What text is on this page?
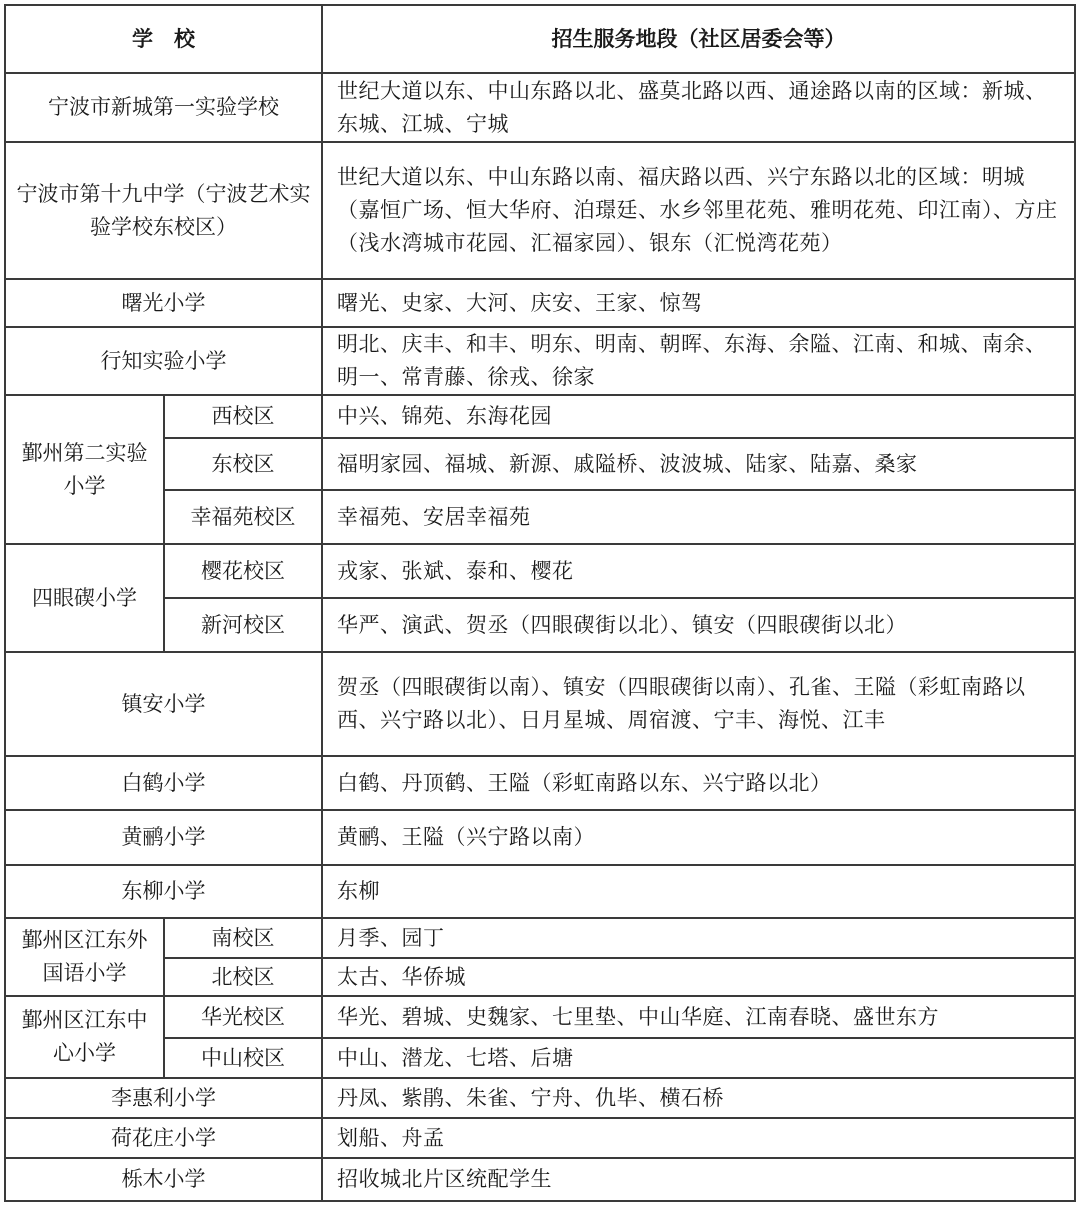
学　校		招生服务地段（社区居委会等）
宁波市新城第一实验学校		世纪大道以东、中山东路以北、盛莫北路以西、通途路以南的区域：新城、东城、江城、宁城
宁波市第十九中学（宁波艺术实验学校东校区）		世纪大道以东、中山东路以南、福庆路以西、兴宁东路以北的区域：明城（嘉恒广场、恒大华府、泊璟廷、水乡邻里花苑、雅明花苑、印江南）、方庄（浅水湾城市花园、汇福家园）、银东（汇悦湾花苑）
曙光小学		曙光、史家、大河、庆安、王家、惊驾
行知实验小学		明北、庆丰、和丰、明东、明南、朝晖、东海、余隘、江南、和城、南余、明一、常青藤、徐戎、徐家
鄞州第二实验小学	西校区	中兴、锦苑、东海花园
	东校区	福明家园、福城、新源、戚隘桥、波波城、陆家、陆嘉、桑家
	幸福苑校区	幸福苑、安居幸福苑
四眼碶小学	樱花校区	戎家、张斌、泰和、樱花
	新河校区	华严、演武、贺丞（四眼碶街以北）、镇安（四眼碶街以北）
镇安小学		贺丞（四眼碶街以南）、镇安（四眼碶街以南）、孔雀、王隘（彩虹南路以西、兴宁路以北）、日月星城、周宿渡、宁丰、海悦、江丰
白鹤小学		白鹤、丹顶鹤、王隘（彩虹南路以东、兴宁路以北）
黄鹂小学		黄鹂、王隘（兴宁路以南）
东柳小学		东柳
鄞州区江东外国语小学	南校区	月季、园丁
	北校区	太古、华侨城
鄞州区江东中心小学	华光校区	华光、碧城、史魏家、七里垫、中山华庭、江南春晓、盛世东方
	中山校区	中山、潜龙、七塔、后塘
李惠利小学		丹凤、紫鹃、朱雀、宁舟、仇毕、横石桥
荷花庄小学		划船、舟孟
栎木小学		招收城北片区统配学生
